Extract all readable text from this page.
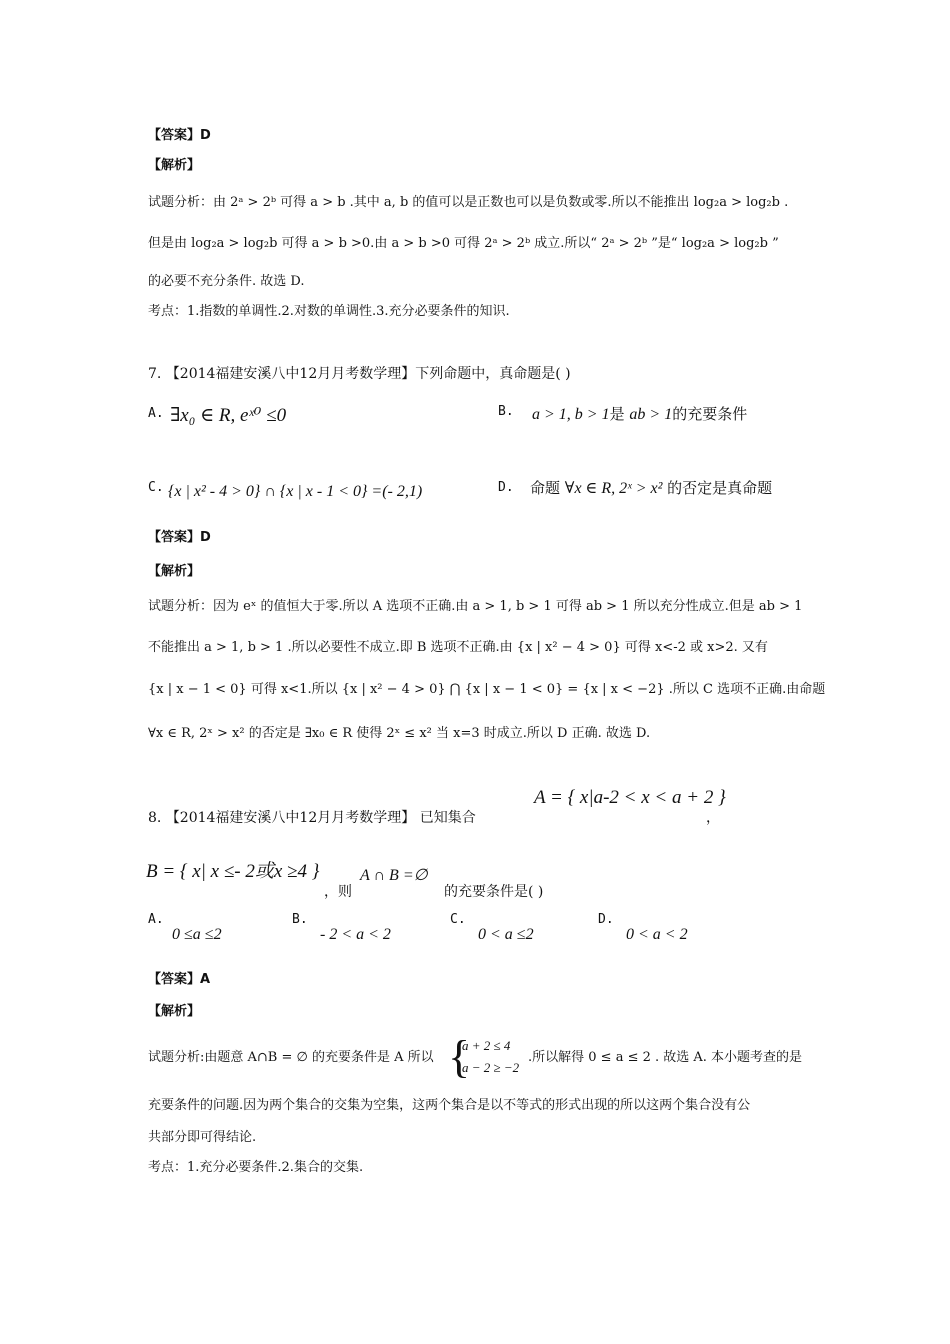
【答案】D
【解析】
试题分析：由 2ᵃ > 2ᵇ 可得 a > b .其中 a, b 的值可以是正数也可以是负数或零.所以不能推出 log₂a > log₂b .
但是由 log₂a > log₂b 可得 a > b >0.由 a > b >0 可得 2ᵃ > 2ᵇ 成立.所以“ 2ᵃ > 2ᵇ ”是“ log₂a > log₂b ”
的必要不充分条件. 故选 D.
考点：1.指数的单调性.2.对数的单调性.3.充分必要条件的知识.
7. 【2014福建安溪八中12月月考数学理】下列命题中，真命题是( )
A. ∃x₀ ∈ R, eˣ⁰ ≤0	B. a > 1, b > 1是 ab > 1的充要条件
C. {x | x² - 4 > 0} ∩ {x | x - 1 < 0} =(- 2,1)	D. 命题 ∀x ∈ R, 2ˣ > x² 的否定是真命题
【答案】D
【解析】
试题分析：因为 eˣ 的值恒大于零.所以 A 选项不正确.由 a > 1, b > 1 可得 ab > 1 所以充分性成立.但是 ab > 1
不能推出 a > 1, b > 1 .所以必要性不成立.即 B 选项不正确.由 {x | x² − 4 > 0} 可得 x<-2 或 x>2. 又有
{x | x − 1 < 0} 可得 x<1.所以 {x | x² − 4 > 0} ⋂ {x | x − 1 < 0} = {x | x < −2} .所以 C 选项不正确.由命题
∀x ∈ R, 2ˣ > x² 的否定是 ∃x₀ ∈ R 使得 2ˣ ≤ x² 当 x=3 时成立.所以 D 正确. 故选 D.
8. 【2014福建安溪八中12月月考数学理】 已知集合
A = { x|a-2 < x < a + 2 }
，
B = { x| x ≤- 2或x ≥4 }
，则
A ∩ B =∅
的充要条件是( )
A.
0 ≤a ≤2
B.
- 2 < a < 2
C.
0 < a ≤2
D.
0 < a < 2
【答案】A
【解析】
试题分析:由题意 A∩B = ∅ 的充要条件是 A 所以 {
a + 2 ≤ 4
a − 2 ≥ −2
.所以解得 0 ≤ a ≤ 2 . 故选 A. 本小题考查的是
充要条件的问题.因为两个集合的交集为空集，这两个集合是以不等式的形式出现的所以这两个集合没有公
共部分即可得结论.
考点：1.充分必要条件.2.集合的交集.
